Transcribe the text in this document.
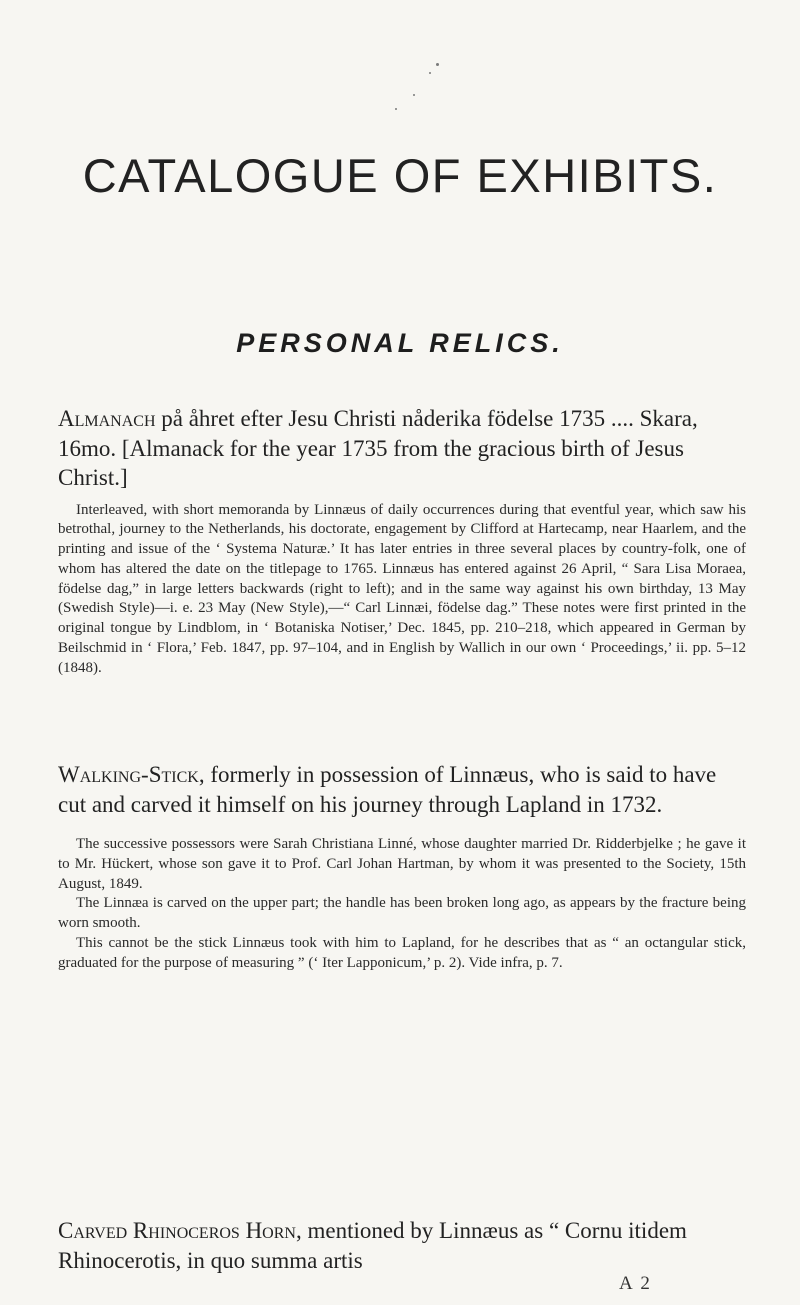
CATALOGUE OF EXHIBITS.
PERSONAL RELICS.
Almanach på åhret efter Jesu Christi nåderika födelse 1735 .... Skara, 16mo. [Almanack for the year 1735 from the gracious birth of Jesus Christ.]

Interleaved, with short memoranda by Linnæus of daily occurrences during that eventful year, which saw his betrothal, journey to the Netherlands, his doctorate, engagement by Clifford at Hartecamp, near Haarlem, and the printing and issue of the ‘ Systema Naturæ.’ It has later entries in three several places by country-folk, one of whom has altered the date on the titlepage to 1765. Linnæus has entered against 26 April, “ Sara Lisa Moraea, födelse dag,” in large letters backwards (right to left); and in the same way against his own birthday, 13 May (Swedish Style)—i. e. 23 May (New Style),—“ Carl Linnæi, födelse dag.” These notes were first printed in the original tongue by Lindblom, in ‘ Botaniska Notiser,’ Dec. 1845, pp. 210–218, which appeared in German by Beilschmid in ‘ Flora,’ Feb. 1847, pp. 97–104, and in English by Wallich in our own ‘ Proceedings,’ ii. pp. 5–12 (1848).

Walking-Stick, formerly in possession of Linnæus, who is said to have cut and carved it himself on his journey through Lapland in 1732.

The successive possessors were Sarah Christiana Linné, whose daughter married Dr. Ridderbjelke ; he gave it to Mr. Hückert, whose son gave it to Prof. Carl Johan Hartman, by whom it was presented to the Society, 15th August, 1849.

The Linnæa is carved on the upper part; the handle has been broken long ago, as appears by the fracture being worn smooth.

This cannot be the stick Linnæus took with him to Lapland, for he describes that as “ an octangular stick, graduated for the purpose of measuring ” (‘ Iter Lapponicum,’ p. 2). Vide infra, p. 7.

Carved Rhinoceros Horn, mentioned by Linnæus as “ Cornu itidem Rhinocerotis, in quo summa artis
A 2
